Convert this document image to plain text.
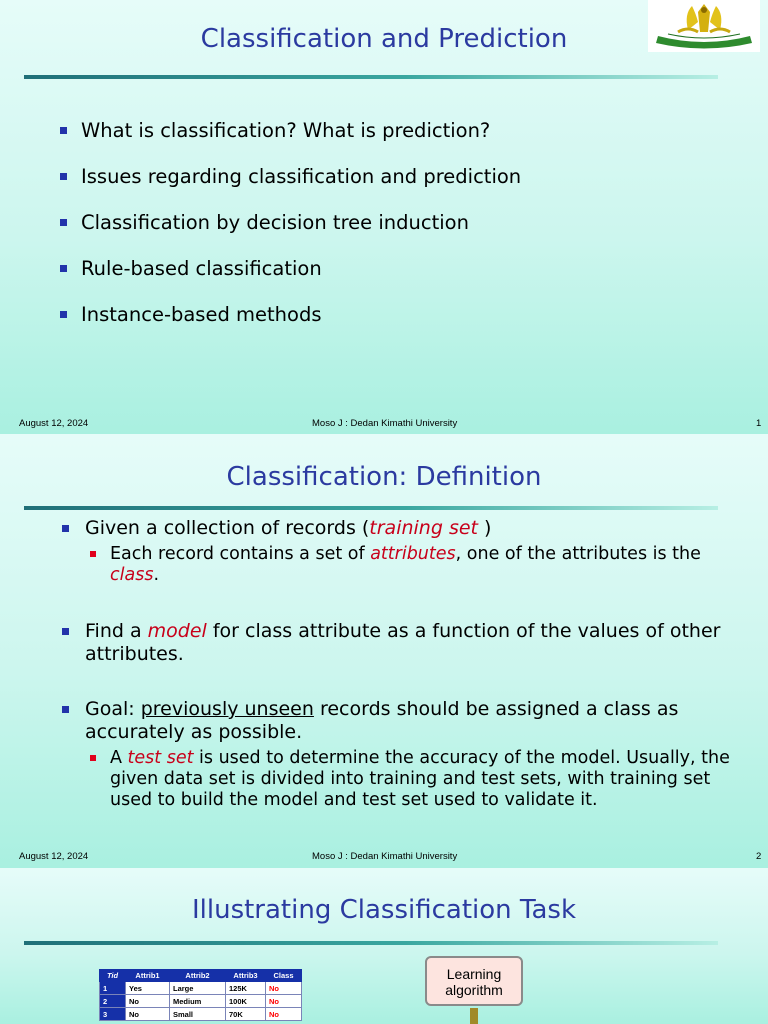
Classification and Prediction
What is classification? What is prediction?
Issues regarding classification and prediction
Classification by decision tree induction
Rule-based classification
Instance-based methods
August 12, 2024	Moso J : Dedan Kimathi University	1
Classification: Definition
Given a collection of records (training set )
Each record contains a set of attributes, one of the attributes is the class.
Find a model for class attribute as a function of the values of other attributes.
Goal: previously unseen records should be assigned a class as accurately as possible.
A test set is used to determine the accuracy of the model. Usually, the given data set is divided into training and test sets, with training set used to build the model and test set used to validate it.
August 12, 2024	Moso J : Dedan Kimathi University	2
Illustrating Classification Task
Tid	Attrib1	Attrib2	Attrib3	Class
1	Yes	Large	125K	No
2	No	Medium	100K	No
3	No	Small	70K	No
Learning
algorithm
